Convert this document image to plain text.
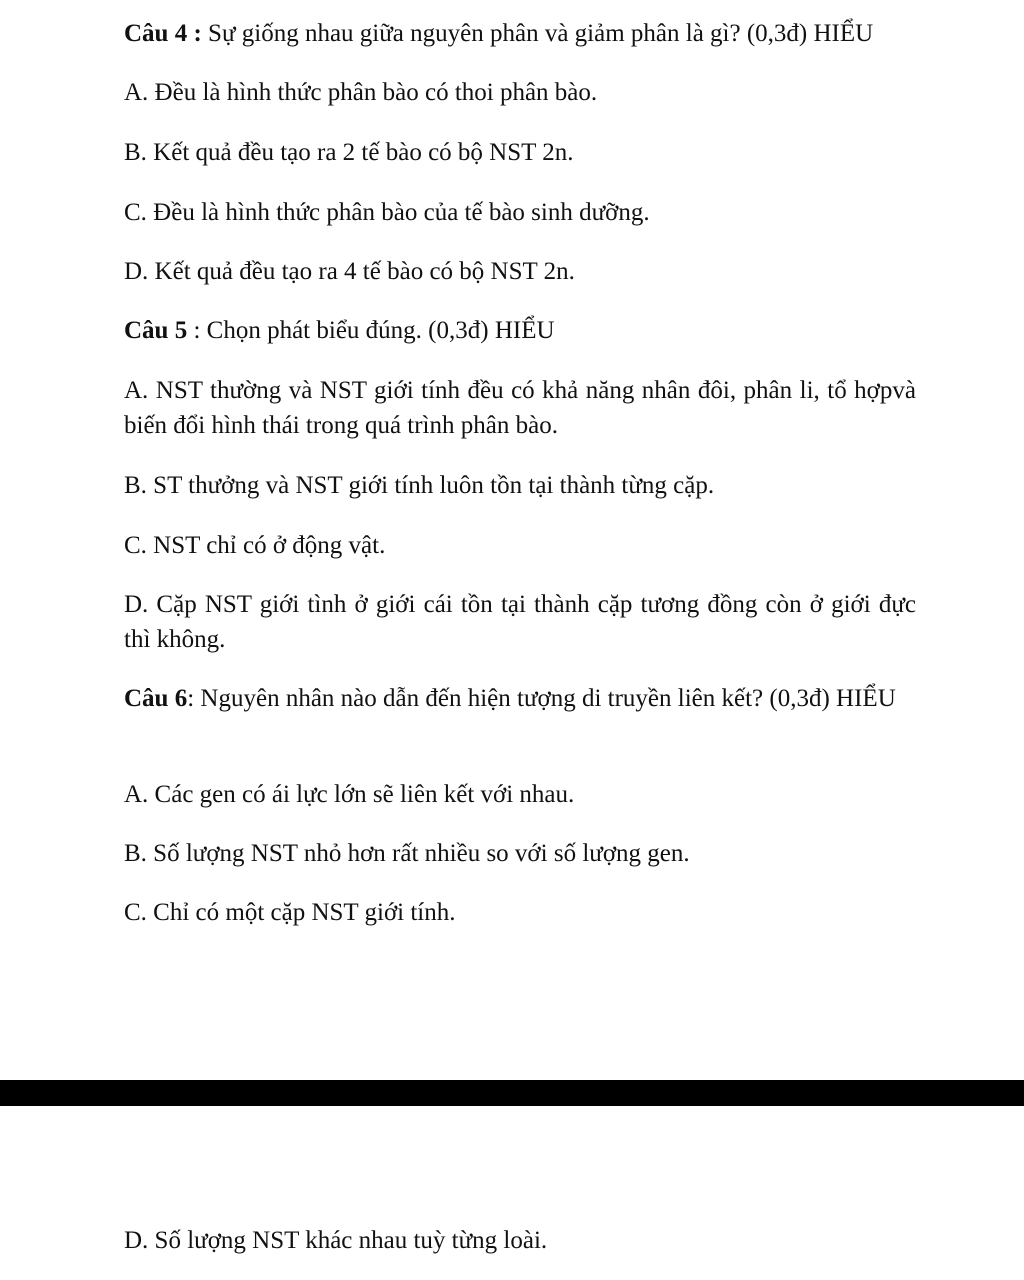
Câu 4 : Sự giống nhau giữa nguyên phân và giảm phân là gì? (0,3đ) HIỂU
A. Đều là hình thức phân bào có thoi phân bào.
B. Kết quả đều tạo ra 2 tế bào có bộ NST 2n.
C. Đều là hình thức phân bào của tế bào sinh dưỡng.
D. Kết quả đều tạo ra 4 tế bào có bộ NST 2n.
Câu 5 : Chọn phát biểu đúng. (0,3đ) HIỂU
A. NST thường và NST giới tính đều có khả năng nhân đôi, phân li, tổ hợpvà biến đổi hình thái trong quá trình phân bào.
B. ST thưởng và NST giới tính luôn tồn tại thành từng cặp.
C. NST chỉ có ở động vật.
D. Cặp NST giới tình ở giới cái tồn tại thành cặp tương đồng còn ở giới đực thì không.
Câu 6: Nguyên nhân nào dẫn đến hiện tượng di truyền liên kết? (0,3đ) HIỂU
A. Các gen có ái lực lớn sẽ liên kết với nhau.
B. Số lượng NST nhỏ hơn rất nhiều so với số lượng gen.
C. Chỉ có một cặp NST giới tính.
D. Số lượng NST khác nhau tuỳ từng loài.
